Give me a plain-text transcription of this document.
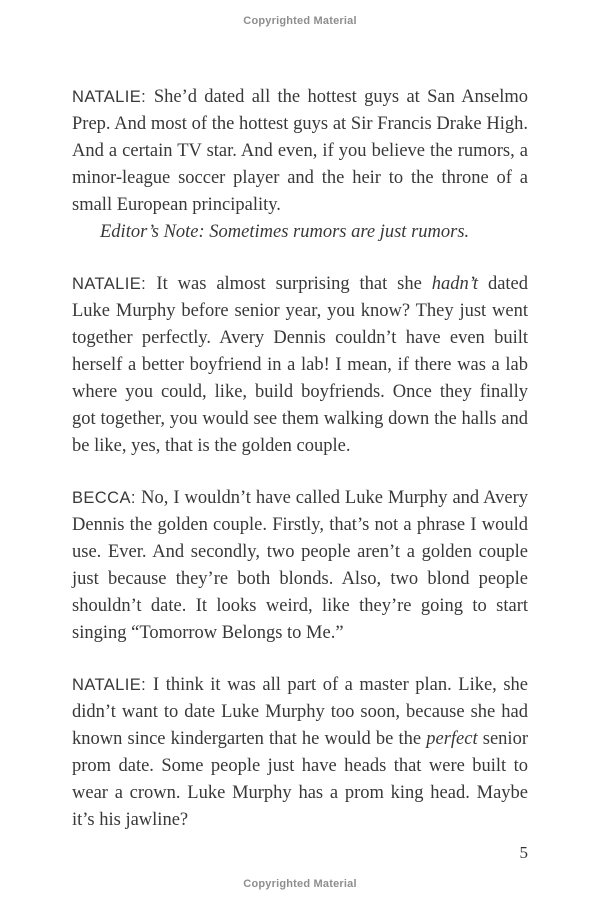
Copyrighted Material

NATALIE: She’d dated all the hottest guys at San Anselmo Prep. And most of the hottest guys at Sir Francis Drake High. And a certain TV star. And even, if you believe the rumors, a minor-league soccer player and the heir to the throne of a small European principality.

Editor’s Note: Sometimes rumors are just rumors.

NATALIE: It was almost surprising that she hadn’t dated Luke Murphy before senior year, you know? They just went together perfectly. Avery Dennis couldn’t have even built herself a better boyfriend in a lab! I mean, if there was a lab where you could, like, build boyfriends. Once they finally got together, you would see them walking down the halls and be like, yes, that is the golden couple.

BECCA: No, I wouldn’t have called Luke Murphy and Avery Dennis the golden couple. Firstly, that’s not a phrase I would use. Ever. And secondly, two people aren’t a golden couple just because they’re both blonds. Also, two blond people shouldn’t date. It looks weird, like they’re going to start singing “Tomorrow Belongs to Me.”

NATALIE: I think it was all part of a master plan. Like, she didn’t want to date Luke Murphy too soon, because she had known since kindergarten that he would be the perfect senior prom date. Some people just have heads that were built to wear a crown. Luke Murphy has a prom king head. Maybe it’s his jawline?

5
Copyrighted Material
